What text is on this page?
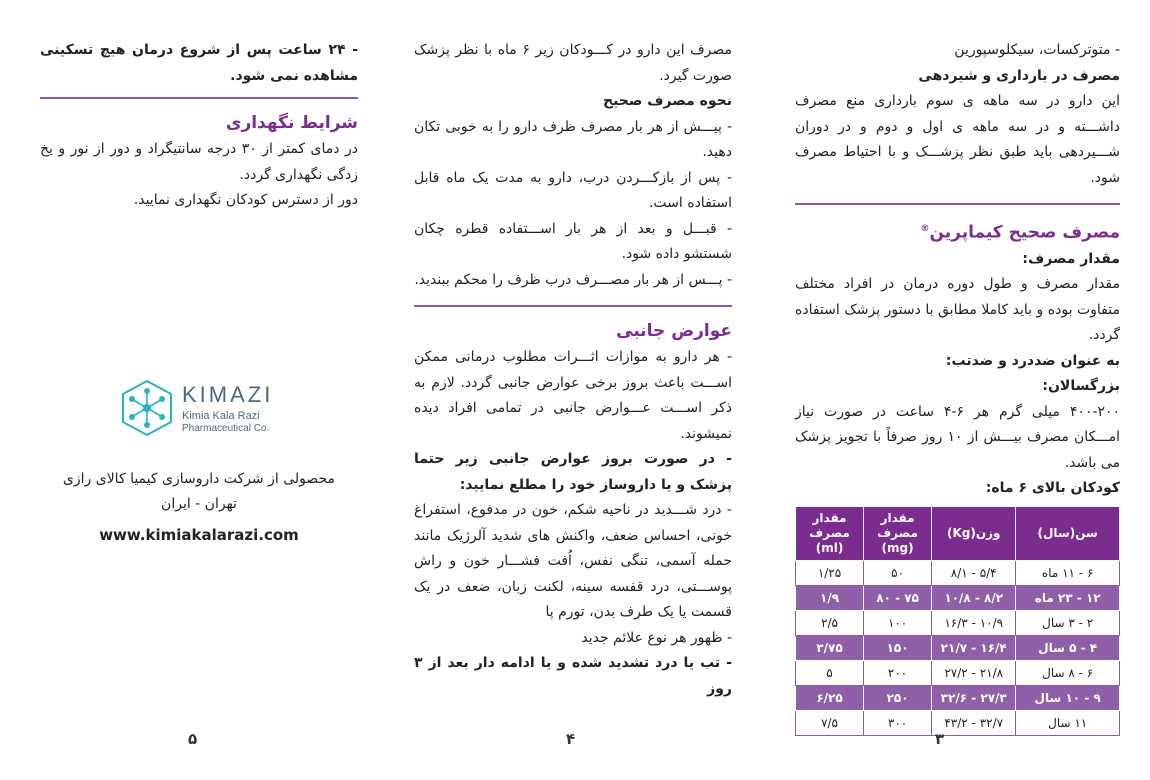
- متوترکسات، سیکلوسپورین

مصرف در بارداری و شیردهی

این دارو در سه ماهه ی سوم بارداری منع مصرف داشـــته و در سه ماهه ی اول و دوم و در دوران شـــیردهی باید طبق نظر پزشـــک و با احتیاط مصرف شود.

مصرف صحیح کیماپرین®

مقدار مصرف:

مقدار مصرف و طول دوره درمان در افراد مختلف متفاوت بوده و باید کاملا مطابق با دستور پزشک استفاده گردد.

به عنوان ضددرد و ضدتب:

بزرگسالان:

۴۰۰-۲۰۰ میلی گرم هر ۶-۴ ساعت در صورت نیاز امـــکان مصرف بیـــش از ۱۰ روز صرفاً با تجویز پزشک می باشد.

کودکان بالای ۶ ماه:

سن(سال)	وزن(Kg)	مقدار مصرف (mg)	مقدار مصرف (ml)
۶ - ۱۱ ماه	۵/۴ - ۸/۱	۵۰	۱/۲۵
۱۲ - ۲۳ ماه	۸/۲ - ۱۰/۸	۷۵ - ۸۰	۱/۹
۲ - ۳ سال	۱۰/۹ - ۱۶/۳	۱۰۰	۲/۵
۴ - ۵ سال	۱۶/۴ - ۲۱/۷	۱۵۰	۳/۷۵
۶ - ۸ سال	۲۱/۸ - ۲۷/۲	۲۰۰	۵
۹ - ۱۰ سال	۲۷/۳ - ۳۲/۶	۲۵۰	۶/۲۵
۱۱ سال	۳۲/۷ - ۴۳/۲	۳۰۰	۷/۵
۳

مصرف این دارو در کـــودکان زیر ۶ ماه با نظر پزشک صورت گیرد.

نحوه مصرف صحیح

- پیـــش از هر بار مصرف ظرف دارو را به خوبی تکان دهید.

- پس از بازکـــردن درب، دارو به مدت یک ماه قابل استفاده است.

- قبـــل و بعد از هر بار اســـتفاده قطره چکان شستشو داده شود.

- پـــس از هر بار مصـــرف درب ظرف را محکم ببندید.

عوارض جانبی

- هر دارو به موازات اثـــرات مطلوب درمانی ممکن اســـت باعث بروز برخی عوارض جانبی گردد. لازم به ذکر اســـت عـــوارض جانبی در تمامی افراد دیده نمیشوند.

- در صورت بروز عوارض جانبی زیر حتما پزشک و یا داروساز خود را مطلع نمایید:

- درد شـــدید در ناحیه شکم، خون در مدفوع، استفراغ خونی، احساس ضعف، واکنش های شدید آلرژیک مانند حمله آسمی، تنگی نفس، اُفت فشـــار خون و راش پوســـتی، درد قفسه سینه، لکنت زبان، ضعف در یک قسمت یا یک طرف بدن، تورم پا

- ظهور هر نوع علائم جدید

- تب یا درد تشدید شده و یا ادامه دار بعد از ۳ روز

۴

- ۲۴ ساعت پس از شروع درمان هیچ تسکینی مشاهده نمی شود.

شرایط نگهداری

در دمای کمتر از ۳۰ درجه سانتیگراد و دور از نور و یخ زدگی نگهداری گردد.

دور از دسترس کودکان نگهداری نمایید.

KIMAZI
Kimia Kala Razi
Pharmaceutical Co.
محصولی از شرکت داروسازی کیمیا کالای رازی
تهران - ایران
www.kimiakalarazi.com
۵
